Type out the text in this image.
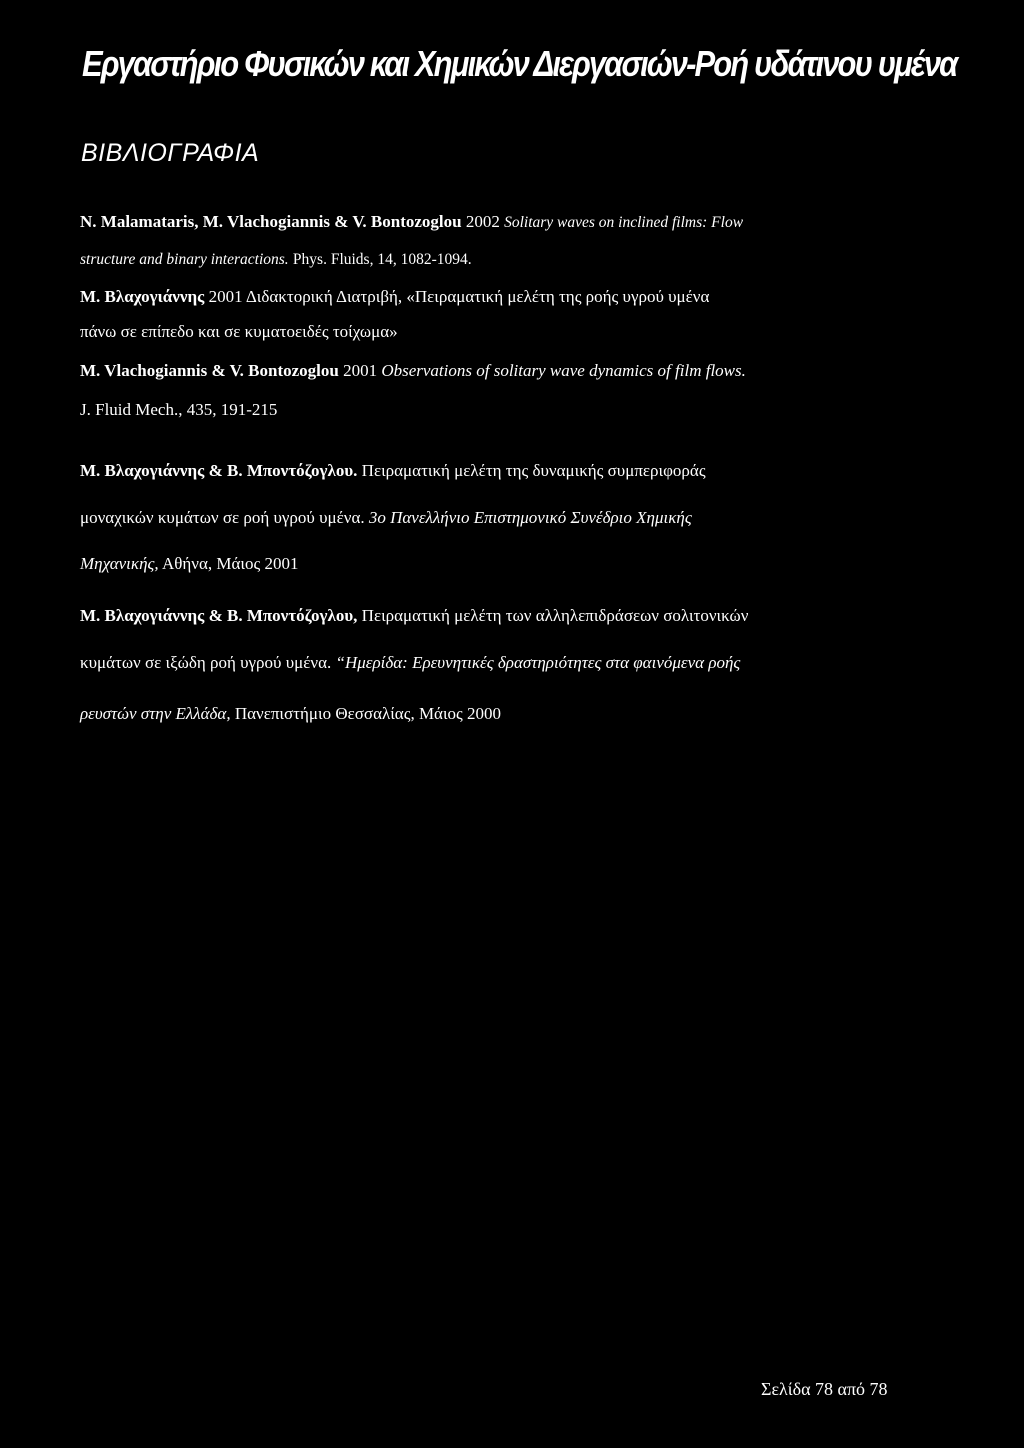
Εργαστήριο Φυσικών και Χημικών Διεργασιών-Ροή υδάτινου υμένα
ΒΙΒΛΙΟΓΡΑΦΙΑ
N. Malamataris, M. Vlachogiannis & V. Bontozoglou 2002 Solitary waves on inclined films: Flow
structure and binary interactions. Phys. Fluids, 14, 1082-1094.
Μ. Βλαχογιάννης 2001 Διδακτορική Διατριβή, «Πειραματική μελέτη της ροής υγρού υμένα
πάνω σε επίπεδο και σε κυματοειδές τοίχωμα»
M. Vlachogiannis & V. Bontozoglou 2001 Observations of solitary wave dynamics of film flows.
J. Fluid Mech., 435, 191-215
Μ. Βλαχογιάννης & Β. Μποντόζογλου. Πειραματική μελέτη της δυναμικής συμπεριφοράς
μοναχικών κυμάτων σε ροή υγρού υμένα. 3ο Πανελλήνιο Επιστημονικό Συνέδριο Χημικής
Μηχανικής, Αθήνα, Μάιος 2001
Μ. Βλαχογιάννης & Β. Μποντόζογλου, Πειραματική μελέτη των αλληλεπιδράσεων σολιτονικών
κυμάτων σε ιξώδη ροή υγρού υμένα. “Ημερίδα: Ερευνητικές δραστηριότητες στα φαινόμενα ροής
ρευστών στην Ελλάδα, Πανεπιστήμιο Θεσσαλίας, Μάιος 2000
Σελίδα 78 από 78
